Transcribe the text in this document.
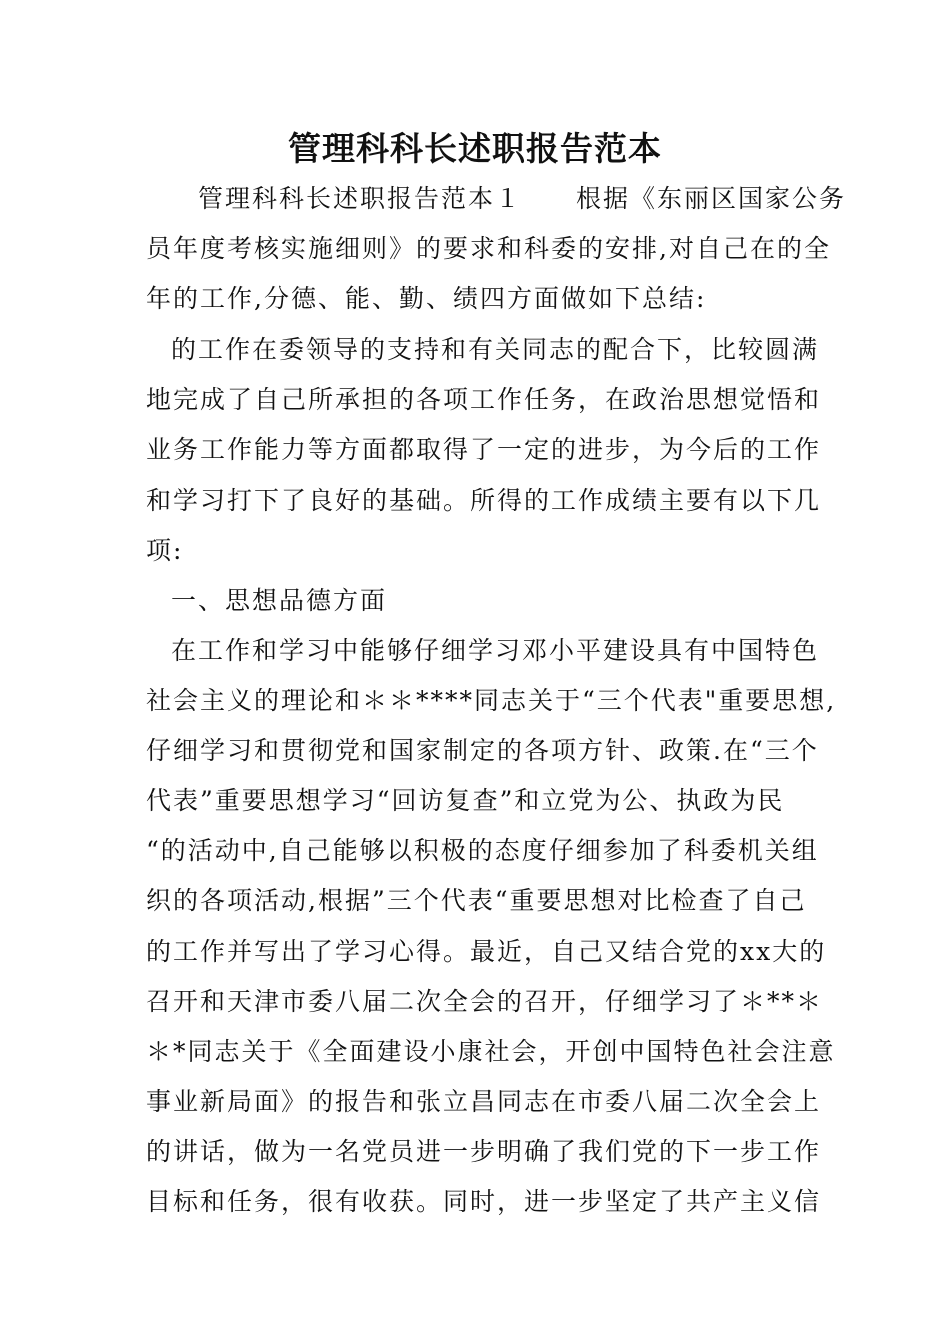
管理科科长述职报告范本
管理科科长述职报告范本１　　根据《东丽区国家公务
员年度考核实施细则》的要求和科委的安排,对自己在的全
年的工作,分德、能、勤、绩四方面做如下总结:
的工作在委领导的支持和有关同志的配合下，比较圆满
地完成了自己所承担的各项工作任务，在政治思想觉悟和
业务工作能力等方面都取得了一定的进步，为今后的工作
和学习打下了良好的基础。所得的工作成绩主要有以下几
项:
一、思想品德方面
在工作和学习中能够仔细学习邓小平建设具有中国特色
社会主义的理论和＊＊****同志关于“三个代表"重要思想,
仔细学习和贯彻党和国家制定的各项方针、政策.在“三个
代表”重要思想学习“回访复查”和立党为公、执政为民
“的活动中,自己能够以积极的态度仔细参加了科委机关组
织的各项活动,根据”三个代表“重要思想对比检查了自己
的工作并写出了学习心得。最近，自己又结合党的xx大的
召开和天津市委八届二次全会的召开，仔细学习了＊**＊
＊*同志关于《全面建设小康社会，开创中国特色社会注意
事业新局面》的报告和张立昌同志在市委八届二次全会上
的讲话，做为一名党员进一步明确了我们党的下一步工作
目标和任务，很有收获。同时，进一步坚定了共产主义信
